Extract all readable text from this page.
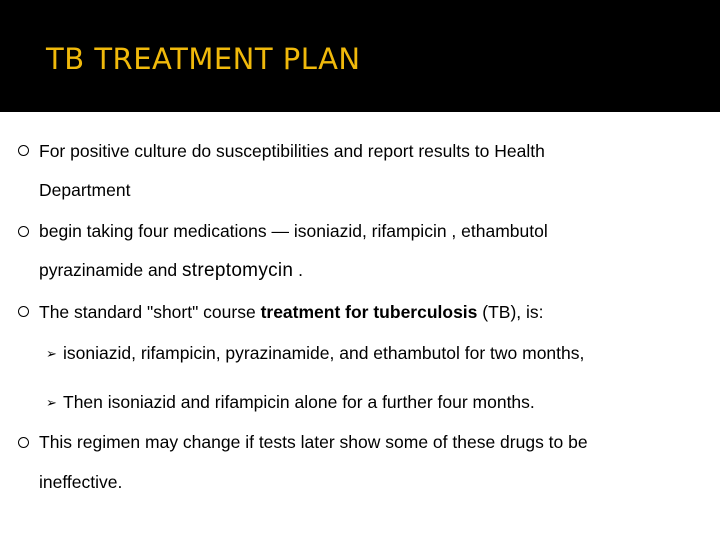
TB TREATMENT PLAN
For positive culture do susceptibilities and report results to Health
Department
begin taking four medications — isoniazid, rifampicin , ethambutol
pyrazinamide and streptomycin .
The standard "short" course treatment for tuberculosis (TB), is:
➢ isoniazid, rifampicin, pyrazinamide, and ethambutol for two months,
➢ Then isoniazid and rifampicin alone for a further four months.
This regimen may change if tests later show some of these drugs to be
ineffective.
